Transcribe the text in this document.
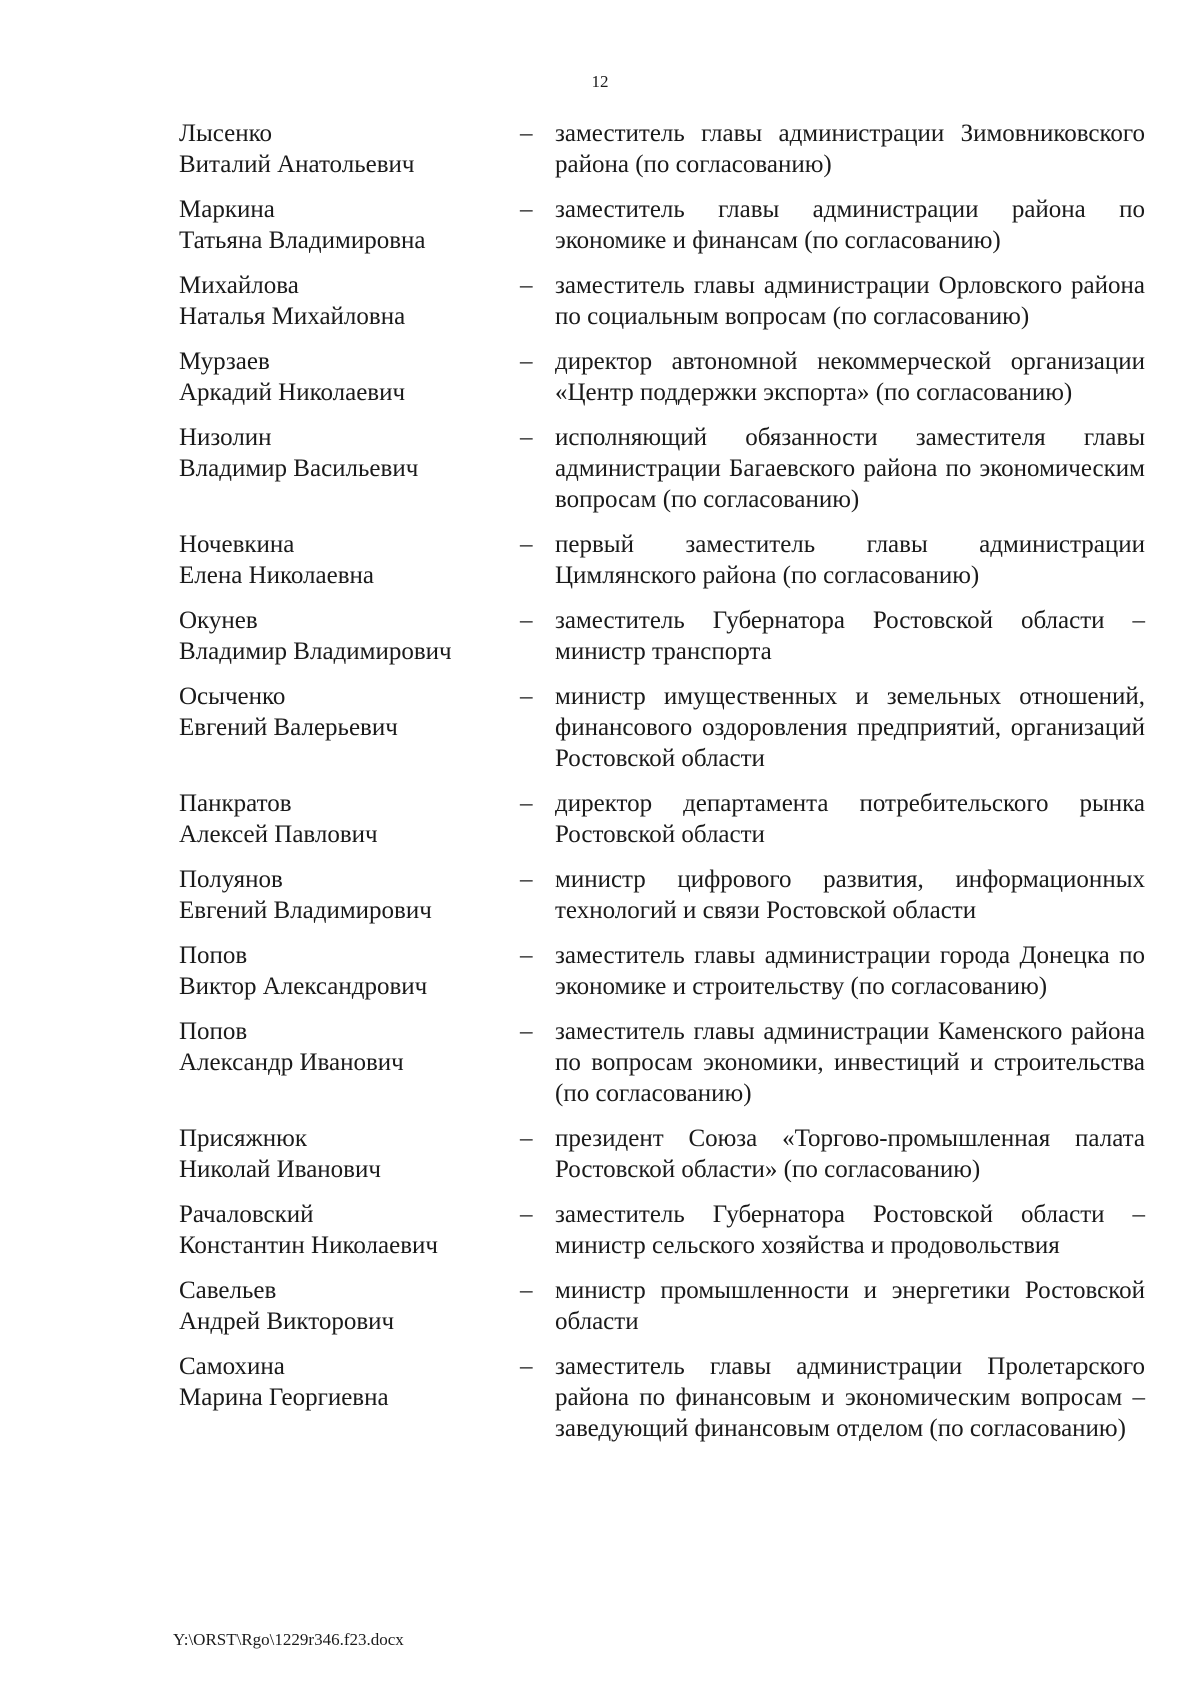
12
Лысенко
Виталий Анатольевич
– заместитель главы администрации Зимовниковского района (по согласованию)
Маркина
Татьяна Владимировна
– заместитель главы администрации района по экономике и финансам (по согласованию)
Михайлова
Наталья Михайловна
– заместитель главы администрации Орловского района по социальным вопросам (по согласованию)
Мурзаев
Аркадий Николаевич
– директор автономной некоммерческой организации «Центр поддержки экспорта» (по согласованию)
Низолин
Владимир Васильевич
– исполняющий обязанности заместителя главы администрации Багаевского района по экономическим вопросам (по согласованию)
Ночевкина
Елена Николаевна
– первый заместитель главы администрации Цимлянского района (по согласованию)
Окунев
Владимир Владимирович
– заместитель Губернатора Ростовской области – министр транспорта
Осыченко
Евгений Валерьевич
– министр имущественных и земельных отношений, финансового оздоровления предприятий, организаций Ростовской области
Панкратов
Алексей Павлович
– директор департамента потребительского рынка Ростовской области
Полуянов
Евгений Владимирович
– министр цифрового развития, информационных технологий и связи Ростовской области
Попов
Виктор Александрович
– заместитель главы администрации города Донецка по экономике и строительству (по согласованию)
Попов
Александр Иванович
– заместитель главы администрации Каменского района по вопросам экономики, инвестиций и строительства (по согласованию)
Присяжнюк
Николай Иванович
– президент Союза «Торгово-промышленная палата Ростовской области» (по согласованию)
Рачаловский
Константин Николаевич
– заместитель Губернатора Ростовской области – министр сельского хозяйства и продовольствия
Савельев
Андрей Викторович
– министр промышленности и энергетики Ростовской области
Самохина
Марина Георгиевна
– заместитель главы администрации Пролетарского района по финансовым и экономическим вопросам – заведующий финансовым отделом (по согласованию)
Y:\ORST\Rgo\1229r346.f23.docx
